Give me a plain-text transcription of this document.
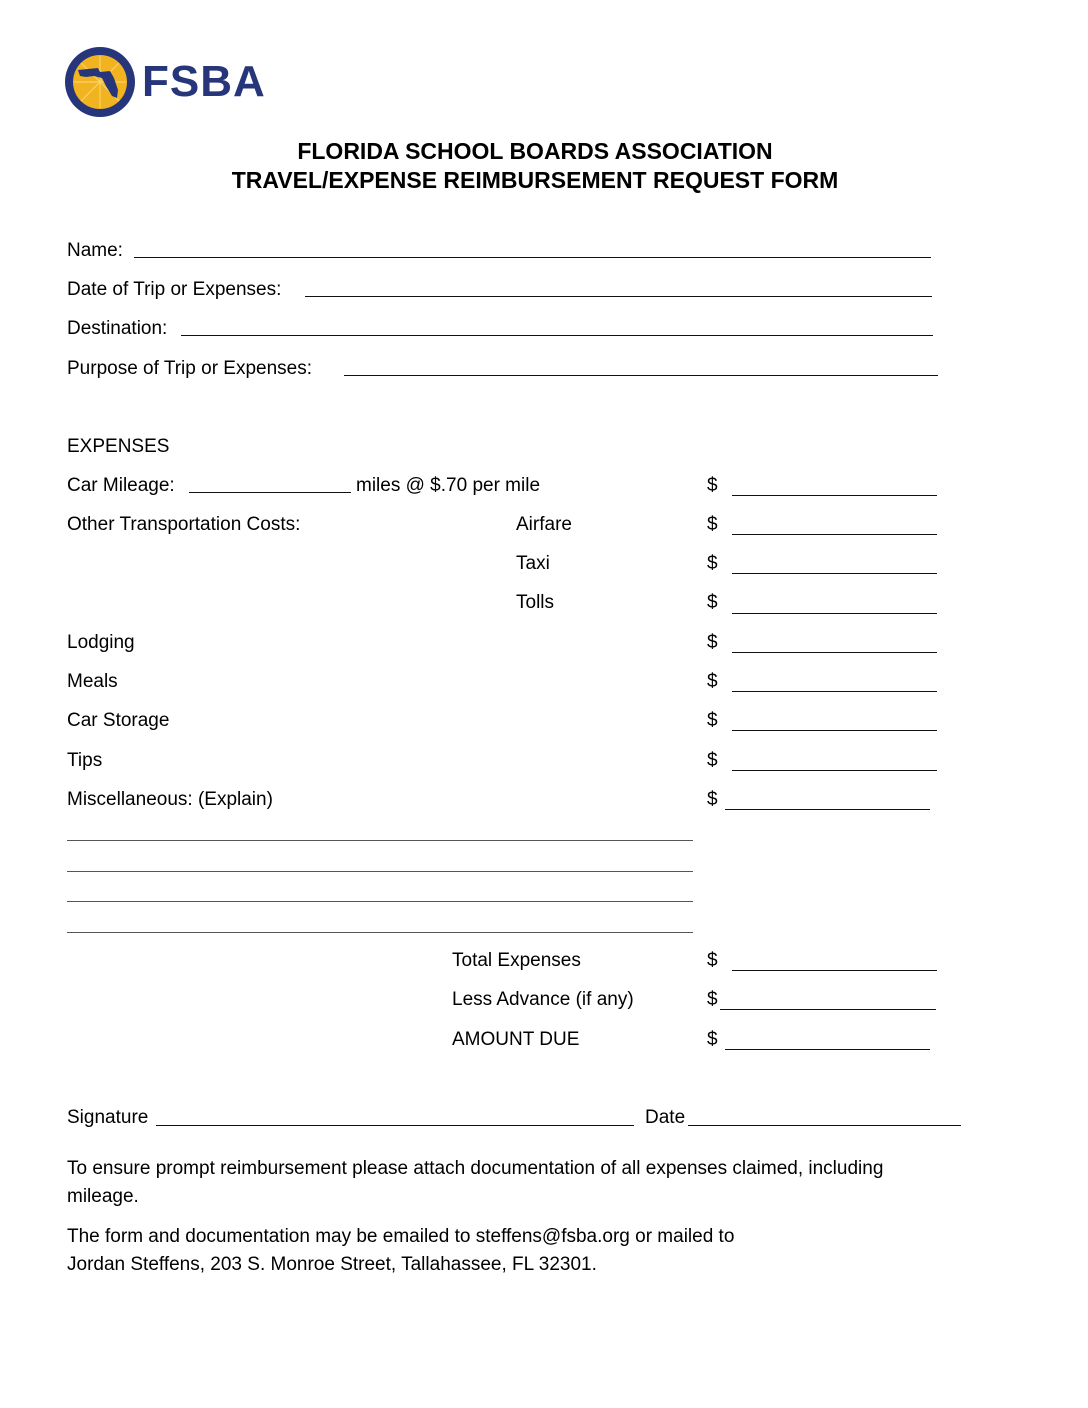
FSBA
FLORIDA SCHOOL BOARDS ASSOCIATION
TRAVEL/EXPENSE REIMBURSEMENT REQUEST FORM
Name:
Date of Trip or Expenses:
Destination:
Purpose of Trip or Expenses:
EXPENSES
Car Mileage:	miles @ $.70 per mile	$
Other Transportation Costs:	Airfare	$
Taxi	$
Tolls	$
Lodging	$
Meals	$
Car Storage	$
Tips	$
Miscellaneous: (Explain)	$
Total Expenses	$
Less Advance (if any)	$
AMOUNT DUE	$
Signature	Date
To ensure prompt reimbursement please attach documentation of all expenses claimed, including
mileage.
The form and documentation may be emailed to steffens@fsba.org or mailed to
Jordan Steffens, 203 S. Monroe Street, Tallahassee, FL 32301.
